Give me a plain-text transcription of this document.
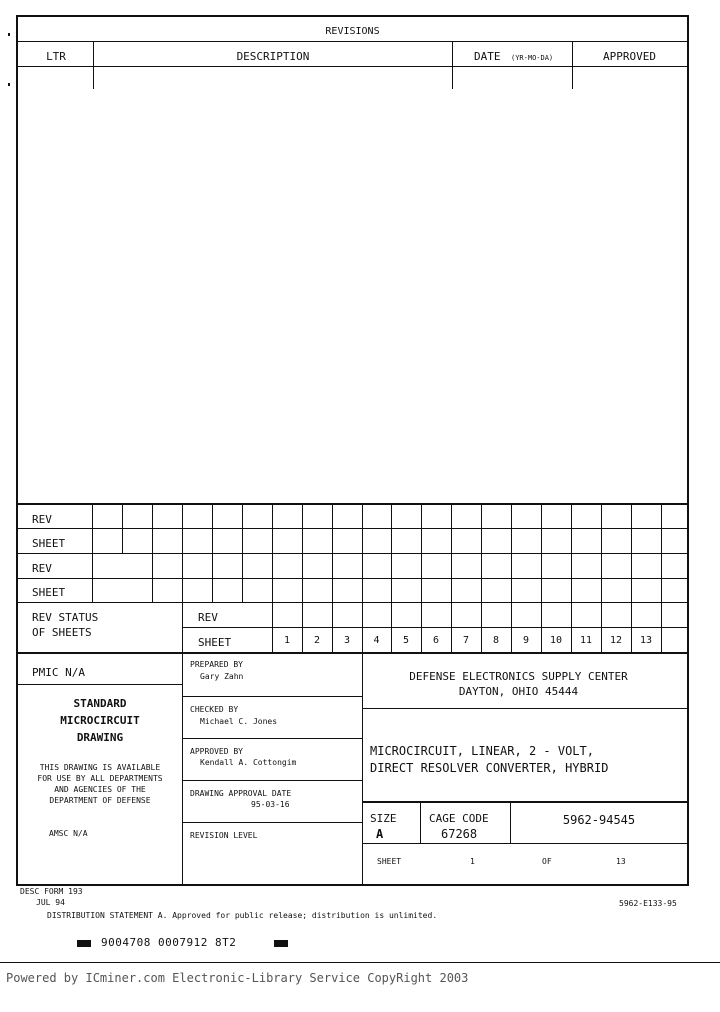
REVISIONS
LTR	DESCRIPTION	DATE (YR-MO-DA)	APPROVED
REV
SHEET
REV
SHEET
REV STATUS
OF SHEETS
REV
SHEET	1	2	3	4	5	6	7	8	9	10	11	12	13
PMIC N/A
STANDARD
MICROCIRCUIT
DRAWING
THIS DRAWING IS AVAILABLE
FOR USE BY ALL DEPARTMENTS
AND AGENCIES OF THE
DEPARTMENT OF DEFENSE
AMSC N/A
PREPARED BY
Gary Zahn
CHECKED BY
Michael C. Jones
APPROVED BY
Kendall A. Cottongim
DRAWING APPROVAL DATE
95-03-16
REVISION LEVEL
DEFENSE ELECTRONICS SUPPLY CENTER
DAYTON, OHIO 45444
MICROCIRCUIT, LINEAR, 2 - VOLT,
DIRECT RESOLVER CONVERTER, HYBRID
SIZE
A
CAGE CODE
67268
5962-94545
SHEET	1	OF	13
DESC FORM 193
JUL 94	5962-E133-95
DISTRIBUTION STATEMENT A. Approved for public release; distribution is unlimited.
9004708 0007912 8T2
Powered by ICminer.com Electronic-Library Service CopyRight 2003
